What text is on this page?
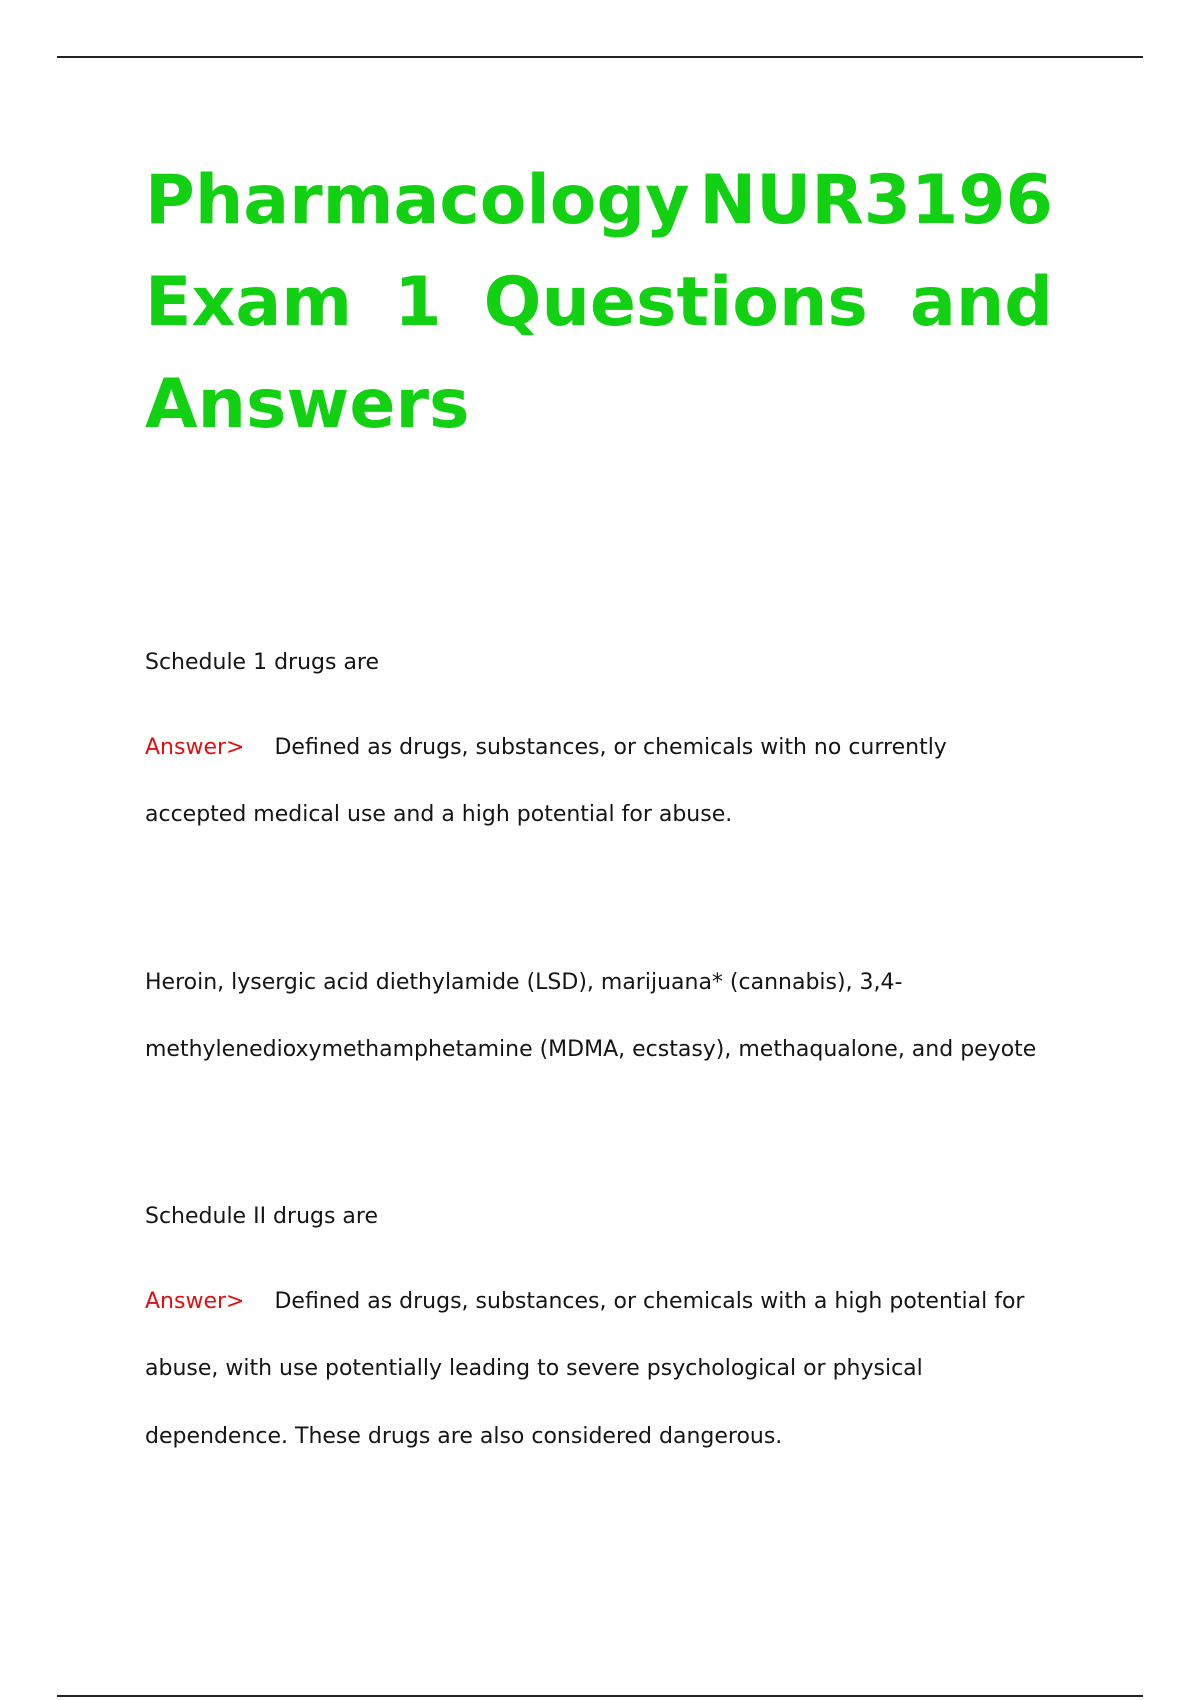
Pharmacology NUR3196
Exam 1 Questions and
Answers
Schedule 1 drugs are
Answer> Defined as drugs, substances, or chemicals with no currently
accepted medical use and a high potential for abuse.
Heroin, lysergic acid diethylamide (LSD), marijuana* (cannabis), 3,4-
methylenedioxymethamphetamine (MDMA, ecstasy), methaqualone, and peyote
Schedule II drugs are
Answer> Defined as drugs, substances, or chemicals with a high potential for
abuse, with use potentially leading to severe psychological or physical
dependence. These drugs are also considered dangerous.
